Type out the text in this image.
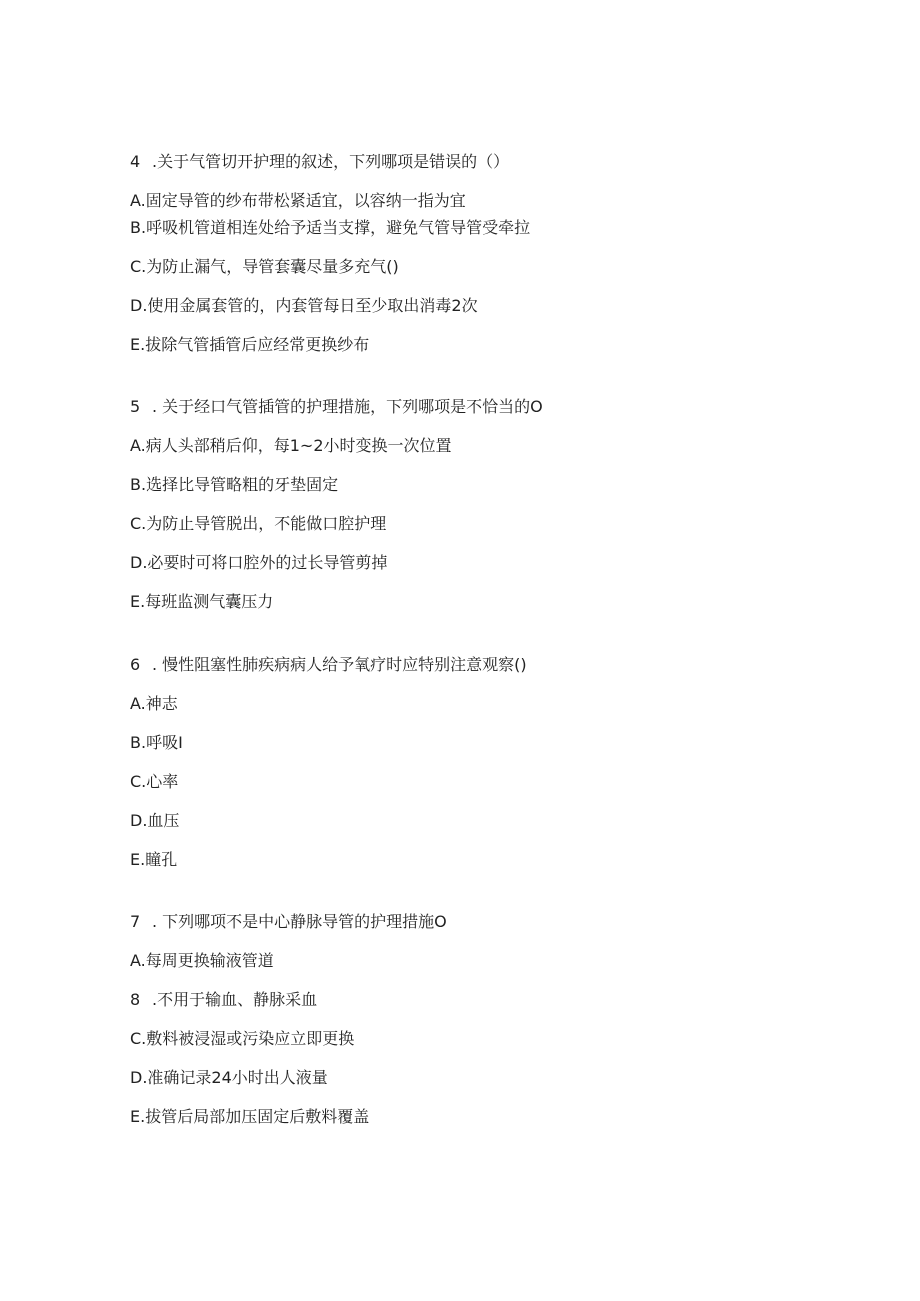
4 .关于气管切开护理的叙述，下列哪项是错误的（）
A.固定导管的纱布带松紧适宜，以容纳一指为宜
B.呼吸机管道相连处给予适当支撑，避免气管导管受牵拉
C.为防止漏气，导管套囊尽量多充气()
D.使用金属套管的，内套管每日至少取出消毒2次
E.拔除气管插管后应经常更换纱布
5 . 关于经口气管插管的护理措施，下列哪项是不恰当的O
A.病人头部稍后仰，每1~2小时变换一次位置
B.选择比导管略粗的牙垫固定
C.为防止导管脱出，不能做口腔护理
D.必要时可将口腔外的过长导管剪掉
E.每班监测气囊压力
6 . 慢性阻塞性肺疾病病人给予氧疗时应特别注意观察()
A.神志
B.呼吸I
C.心率
D.血压
E.瞳孔
7 . 下列哪项不是中心静脉导管的护理措施O
A.每周更换输液管道
8 .不用于输血、静脉采血
C.敷料被浸湿或污染应立即更换
D.准确记录24小时出人液量
E.拔管后局部加压固定后敷料覆盖
